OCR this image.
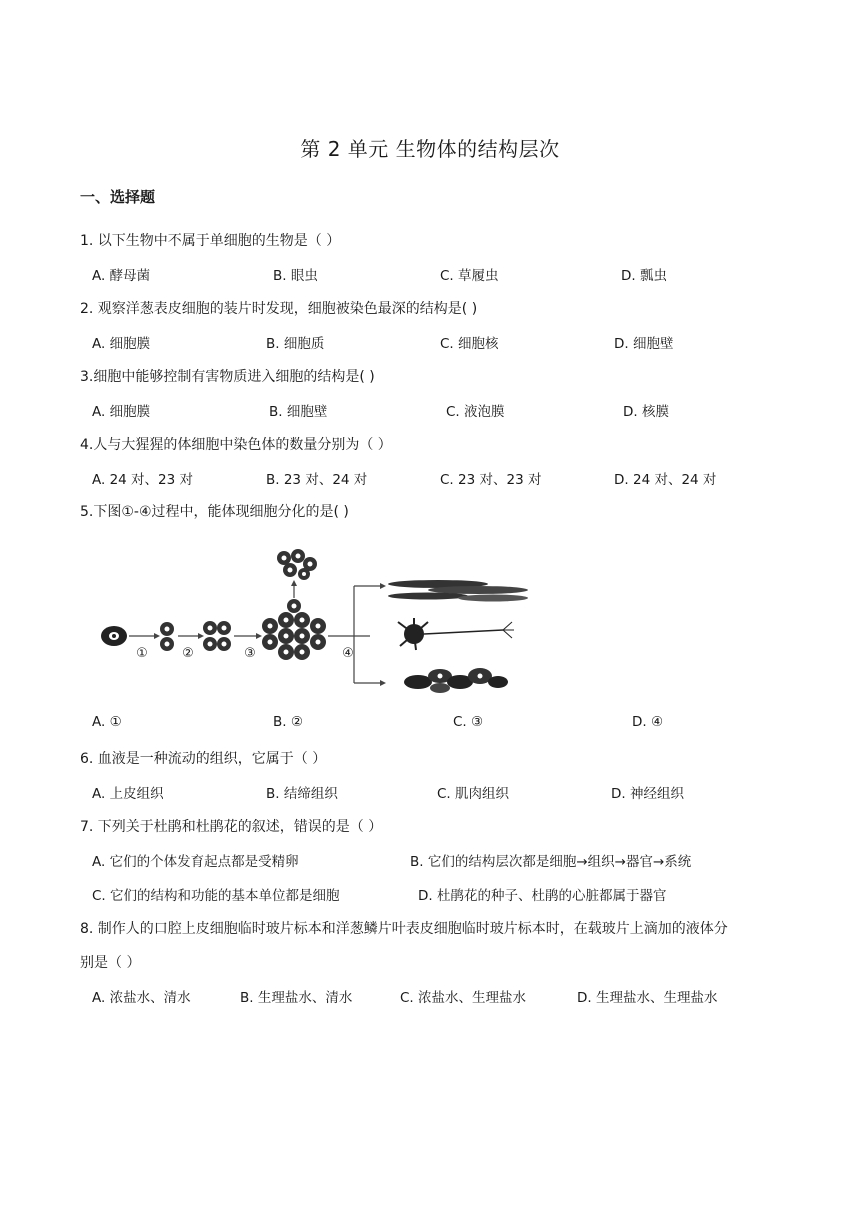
第 2 单元 生物体的结构层次
一、选择题
1. 以下生物中不属于单细胞的生物是（ ）
A. 酵母菌	B. 眼虫	C. 草履虫	D. 瓢虫
2. 观察洋葱表皮细胞的装片时发现，细胞被染色最深的结构是( )
A. 细胞膜	B. 细胞质	C. 细胞核	D. 细胞壁
3.细胞中能够控制有害物质进入细胞的结构是( )
A. 细胞膜	B. 细胞壁	C. 液泡膜	D. 核膜
4.人与大猩猩的体细胞中染色体的数量分别为（ ）
A. 24 对、23 对	B. 23 对、24 对	C. 23 对、23 对	D. 24 对、24 对
5.下图①-④过程中，能体现细胞分化的是( )
①	②	③	④
A. ①	B. ②	C. ③	D. ④
6. 血液是一种流动的组织，它属于（ ）
A. 上皮组织	B. 结缔组织	C. 肌肉组织	D. 神经组织
7. 下列关于杜鹃和杜鹃花的叙述，错误的是（ ）
A. 它们的个体发育起点都是受精卵	B. 它们的结构层次都是细胞→组织→器官→系统
C. 它们的结构和功能的基本单位都是细胞	D. 杜鹃花的种子、杜鹃的心脏都属于器官
8. 制作人的口腔上皮细胞临时玻片标本和洋葱鳞片叶表皮细胞临时玻片标本时，在载玻片上滴加的液体分
别是（ ）
A. 浓盐水、清水	B. 生理盐水、清水	C. 浓盐水、生理盐水	D. 生理盐水、生理盐水
